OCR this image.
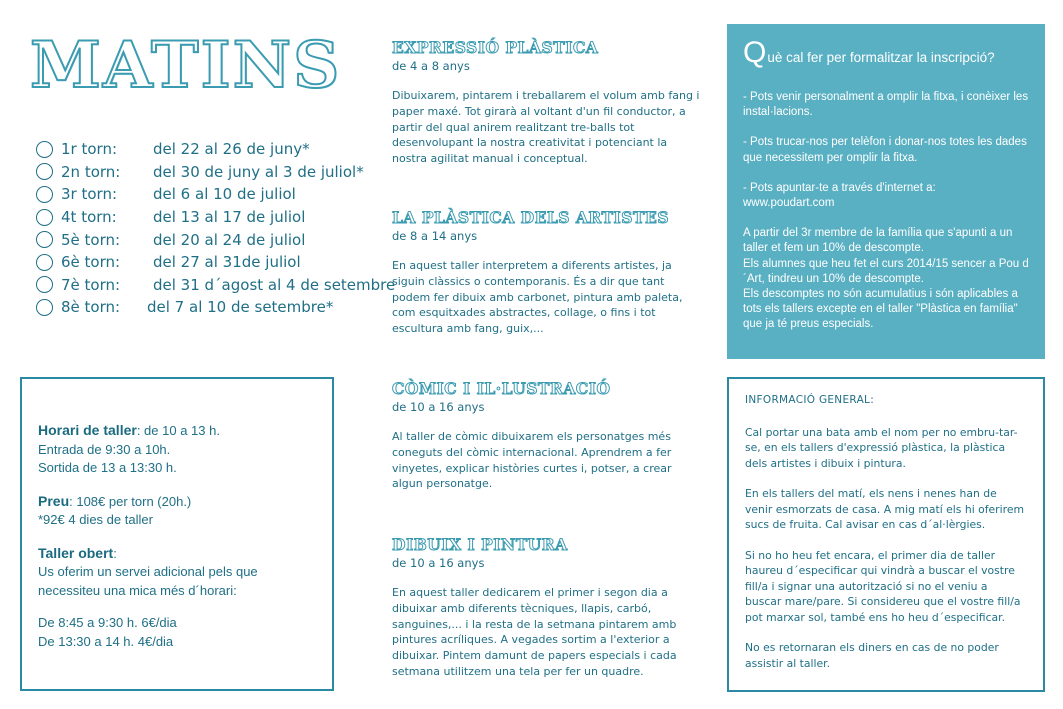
MATINS
1r torn:	del 22 al 26 de juny*
2n torn:	del 30 de juny al 3 de juliol*
3r torn:	del 6 al 10 de juliol
4t torn:	del 13 al 17 de juliol
5è torn:	del 20 al 24 de juliol
6è torn:	del 27 al 31de juliol
7è torn:	del 31 d´agost al 4 de setembre
8è torn:	del 7 al 10 de setembre*
Horari de taller: de 10 a 13 h.
Entrada de 9:30 a 10h.
Sortida de 13 a 13:30 h.
Preu: 108€ per torn (20h.)
*92€ 4 dies de taller
Taller obert:
Us oferim un servei adicional pels que
necessiteu una mica més d´horari:
De 8:45 a 9:30 h. 6€/dia
De 13:30 a 14 h. 4€/dia
EXPRESSIÓ PLÀSTICA
de 4 a 8 anys
Dibuixarem, pintarem i treballarem el volum amb fang i paper maxé. Tot girarà al voltant d'un fil conductor, a partir del qual anirem realitzant tre-balls tot desenvolupant la nostra creativitat i potenciant la nostra agilitat manual i conceptual.
LA PLÀSTICA DELS ARTISTES
de 8 a 14 anys
En aquest taller interpretem a diferents artistes, ja siguin clàssics o contemporanis. És a dir que tant podem fer dibuix amb carbonet, pintura amb paleta, com esquitxades abstractes, collage, o fins i tot escultura amb fang, guix,...
CÒMIC I IL·LUSTRACIÓ
de 10 a 16 anys
Al taller de còmic dibuixarem els personatges més coneguts del còmic internacional. Aprendrem a fer vinyetes, explicar històries curtes i, potser, a crear algun personatge.
DIBUIX I PINTURA
de 10 a 16 anys
En aquest taller dedicarem el primer i segon dia a dibuixar amb diferents tècniques, llapis, carbó, sanguines,... i la resta de la setmana pintarem amb pintures acríliques. A vegades sortim a l'exterior a dibuixar. Pintem damunt de papers especials i cada setmana utilitzem una tela per fer un quadre.
Q uè cal fer per formalitzar la inscripció?
- Pots venir personalment a omplir la fitxa, i conèixer les instal·lacions.
- Pots trucar-nos per telèfon i donar-nos totes les dades que necessitem per omplir la fitxa.
- Pots apuntar-te a través d'internet a:
www.poudart.com
A partir del 3r membre de la família que s'apunti a un taller et fem un 10% de descompte.
Els alumnes que heu fet el curs 2014/15 sencer a Pou d´Art, tindreu un 10% de descompte.
Els descomptes no són acumulatius i són aplicables a tots els tallers excepte en el taller "Plàstica en família" que ja té preus especials.
INFORMACIÓ GENERAL:
Cal portar una bata amb el nom per no embru-tar-se, en els tallers d'expressió plàstica, la plàstica dels artistes i dibuix i pintura.
En els tallers del matí, els nens i nenes han de venir esmorzats de casa. A mig matí els hi oferirem sucs de fruita. Cal avisar en cas d´al·lèrgies.
Si no ho heu fet encara, el primer dia de taller haureu d´especificar qui vindrà a buscar el vostre fill/a i signar una autorització si no el veniu a buscar mare/pare. Si considereu que el vostre fill/a pot marxar sol, també ens ho heu d´especificar.
No es retornaran els diners en cas de no poder assistir al taller.
